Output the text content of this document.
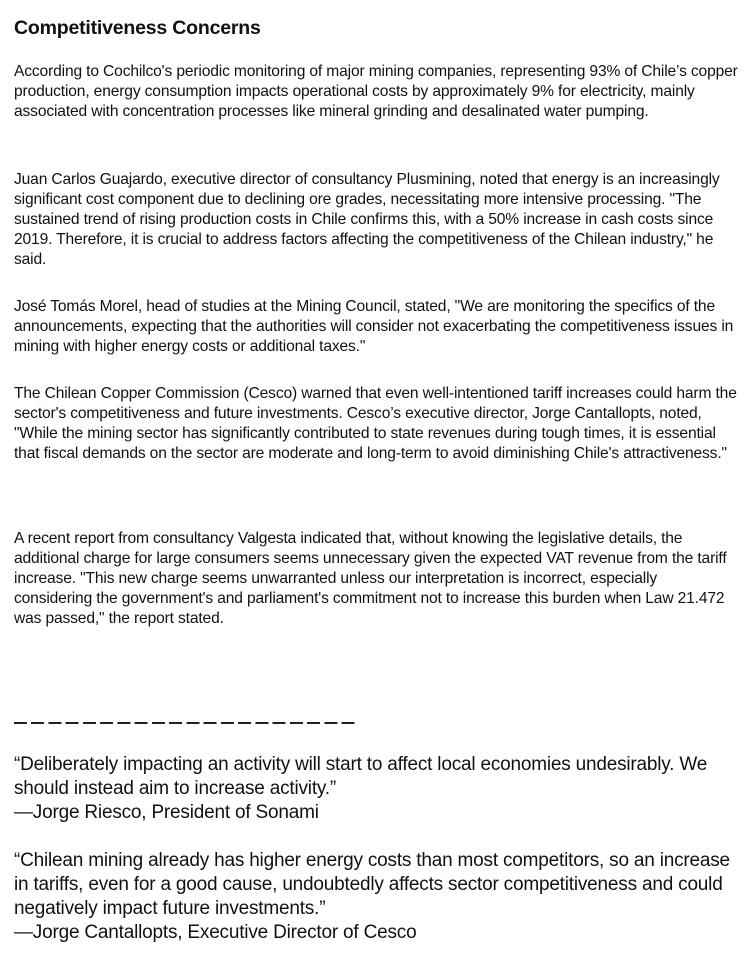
Competitiveness Concerns

According to Cochilco's periodic monitoring of major mining companies, representing 93% of Chile’s copper production, energy consumption impacts operational costs by approximately 9% for electricity, mainly associated with concentration processes like mineral grinding and desalinated water pumping.

Juan Carlos Guajardo, executive director of consultancy Plusmining, noted that energy is an increasingly significant cost component due to declining ore grades, necessitating more intensive processing. "The sustained trend of rising production costs in Chile confirms this, with a 50% increase in cash costs since 2019. Therefore, it is crucial to address factors affecting the competitiveness of the Chilean industry," he said.

José Tomás Morel, head of studies at the Mining Council, stated, "We are monitoring the specifics of the announcements, expecting that the authorities will consider not exacerbating the competitiveness issues in mining with higher energy costs or additional taxes."

The Chilean Copper Commission (Cesco) warned that even well-intentioned tariff increases could harm the sector's competitiveness and future investments. Cesco’s executive director, Jorge Cantallopts, noted, "While the mining sector has significantly contributed to state revenues during tough times, it is essential that fiscal demands on the sector are moderate and long-term to avoid diminishing Chile's attractiveness."

A recent report from consultancy Valgesta indicated that, without knowing the legislative details, the additional charge for large consumers seems unnecessary given the expected VAT revenue from the tariff increase. "This new charge seems unwarranted unless our interpretation is incorrect, especially considering the government's and parliament's commitment not to increase this burden when Law 21.472 was passed," the report stated.

“Deliberately impacting an activity will start to affect local economies undesirably. We should instead aim to increase activity.”
—Jorge Riesco, President of Sonami
“Chilean mining already has higher energy costs than most competitors, so an increase in tariffs, even for a good cause, undoubtedly affects sector competitiveness and could negatively impact future investments.”
—Jorge Cantallopts, Executive Director of Cesco
